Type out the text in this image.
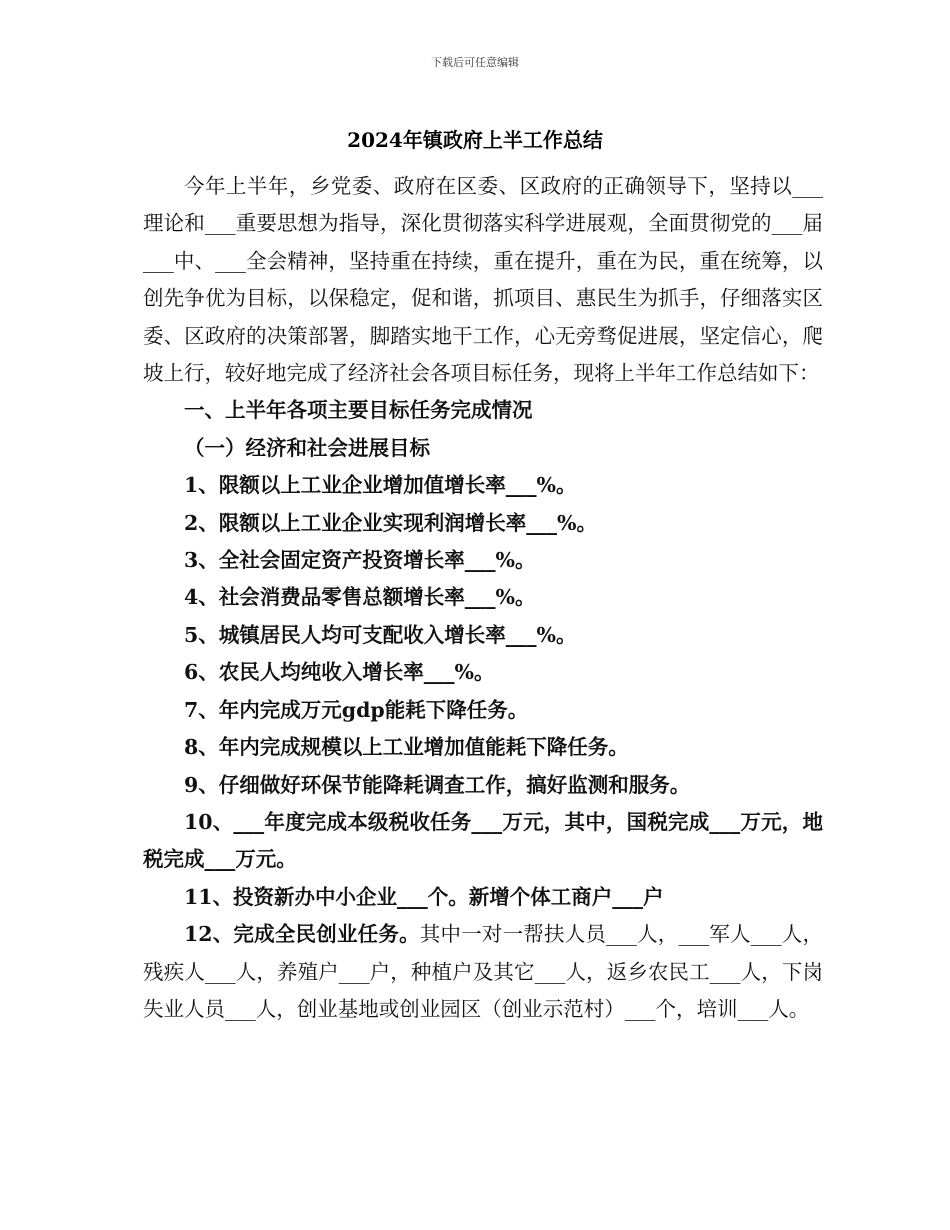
下载后可任意编辑
2024年镇政府上半工作总结

今年上半年，乡党委、政府在区委、区政府的正确领导下，坚持以___理论和___重要思想为指导，深化贯彻落实科学进展观，全面贯彻党的___届___中、___全会精神，坚持重在持续，重在提升，重在为民，重在统筹，以创先争优为目标，以保稳定，促和谐，抓项目、惠民生为抓手，仔细落实区委、区政府的决策部署，脚踏实地干工作，心无旁骛促进展，坚定信心，爬坡上行，较好地完成了经济社会各项目标任务，现将上半年工作总结如下：

一、上半年各项主要目标任务完成情况

（一）经济和社会进展目标

1、限额以上工业企业增加值增长率___%。

2、限额以上工业企业实现利润增长率___%。

3、全社会固定资产投资增长率___%。

4、社会消费品零售总额增长率___%。

5、城镇居民人均可支配收入增长率___%。

6、农民人均纯收入增长率___%。

7、年内完成万元gdp能耗下降任务。

8、年内完成规模以上工业增加值能耗下降任务。

9、仔细做好环保节能降耗调查工作，搞好监测和服务。

10、___年度完成本级税收任务___万元，其中，国税完成___万元，地税完成___万元。

11、投资新办中小企业___个。新增个体工商户___户

12、完成全民创业任务。其中一对一帮扶人员___人，___军人___人，残疾人___人，养殖户___户，种植户及其它___人，返乡农民工___人，下岗失业人员___人，创业基地或创业园区（创业示范村）___个，培训___人。
